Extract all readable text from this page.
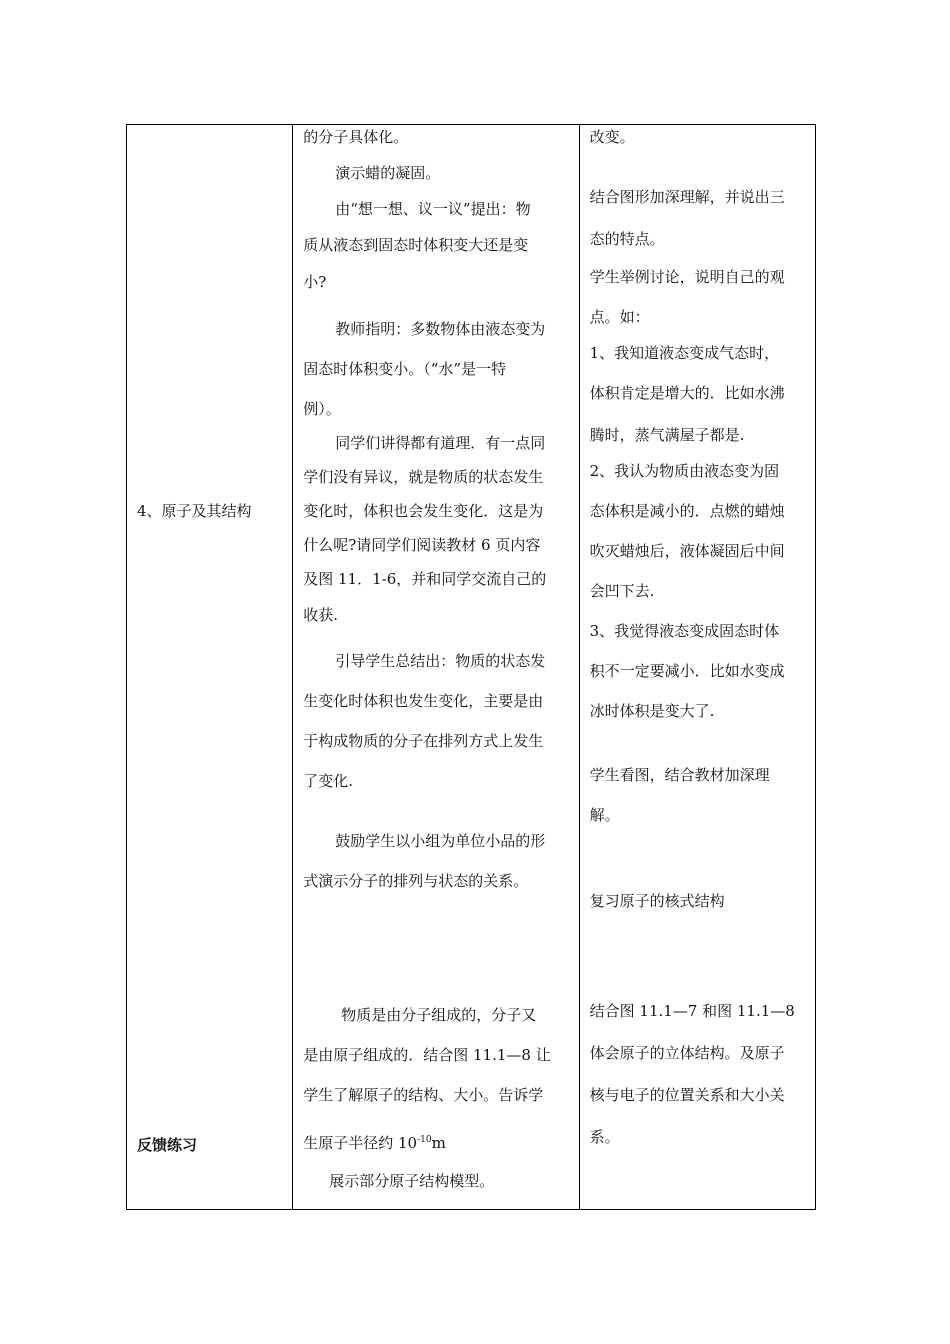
4、原子及其结构
反馈练习

的分子具体化。
演示蜡的凝固。
由“想一想、议一议”提出：物
质从液态到固态时体积变大还是变
小?
教师指明：多数物体由液态变为
固态时体积变小。（“水”是一特
例）。
同学们讲得都有道理．有一点同
学们没有异议，就是物质的状态发生
变化时，体积也会发生变化．这是为
什么呢?请同学们阅读教材 6 页内容
及图 11．1-6，并和同学交流自己的
收获.
引导学生总结出：物质的状态发
生变化时体积也发生变化，主要是由
于构成物质的分子在排列方式上发生
了变化.
鼓励学生以小组为单位小品的形
式演示分子的排列与状态的关系。
物质是由分子组成的，分子又
是由原子组成的．结合图 11.1—8 让
学生了解原子的结构、大小。告诉学
生原子半径约 $10^{-10}m$
展示部分原子结构模型。

改变。
结合图形加深理解，并说出三
态的特点。
学生举例讨论，说明自己的观
点。如：
1、我知道液态变成气态时，
体积肯定是增大的．比如水沸
腾时，蒸气满屋子都是.
2、我认为物质由液态变为固
态体积是减小的．点燃的蜡烛
吹灭蜡烛后，液体凝固后中间
会凹下去.
3、我觉得液态变成固态时体
积不一定要减小．比如水变成
冰时体积是变大了.
学生看图，结合教材加深理
解。
复习原子的核式结构
结合图 11.1—7 和图 11.1—8
体会原子的立体结构。及原子
核与电子的位置关系和大小关
系。
